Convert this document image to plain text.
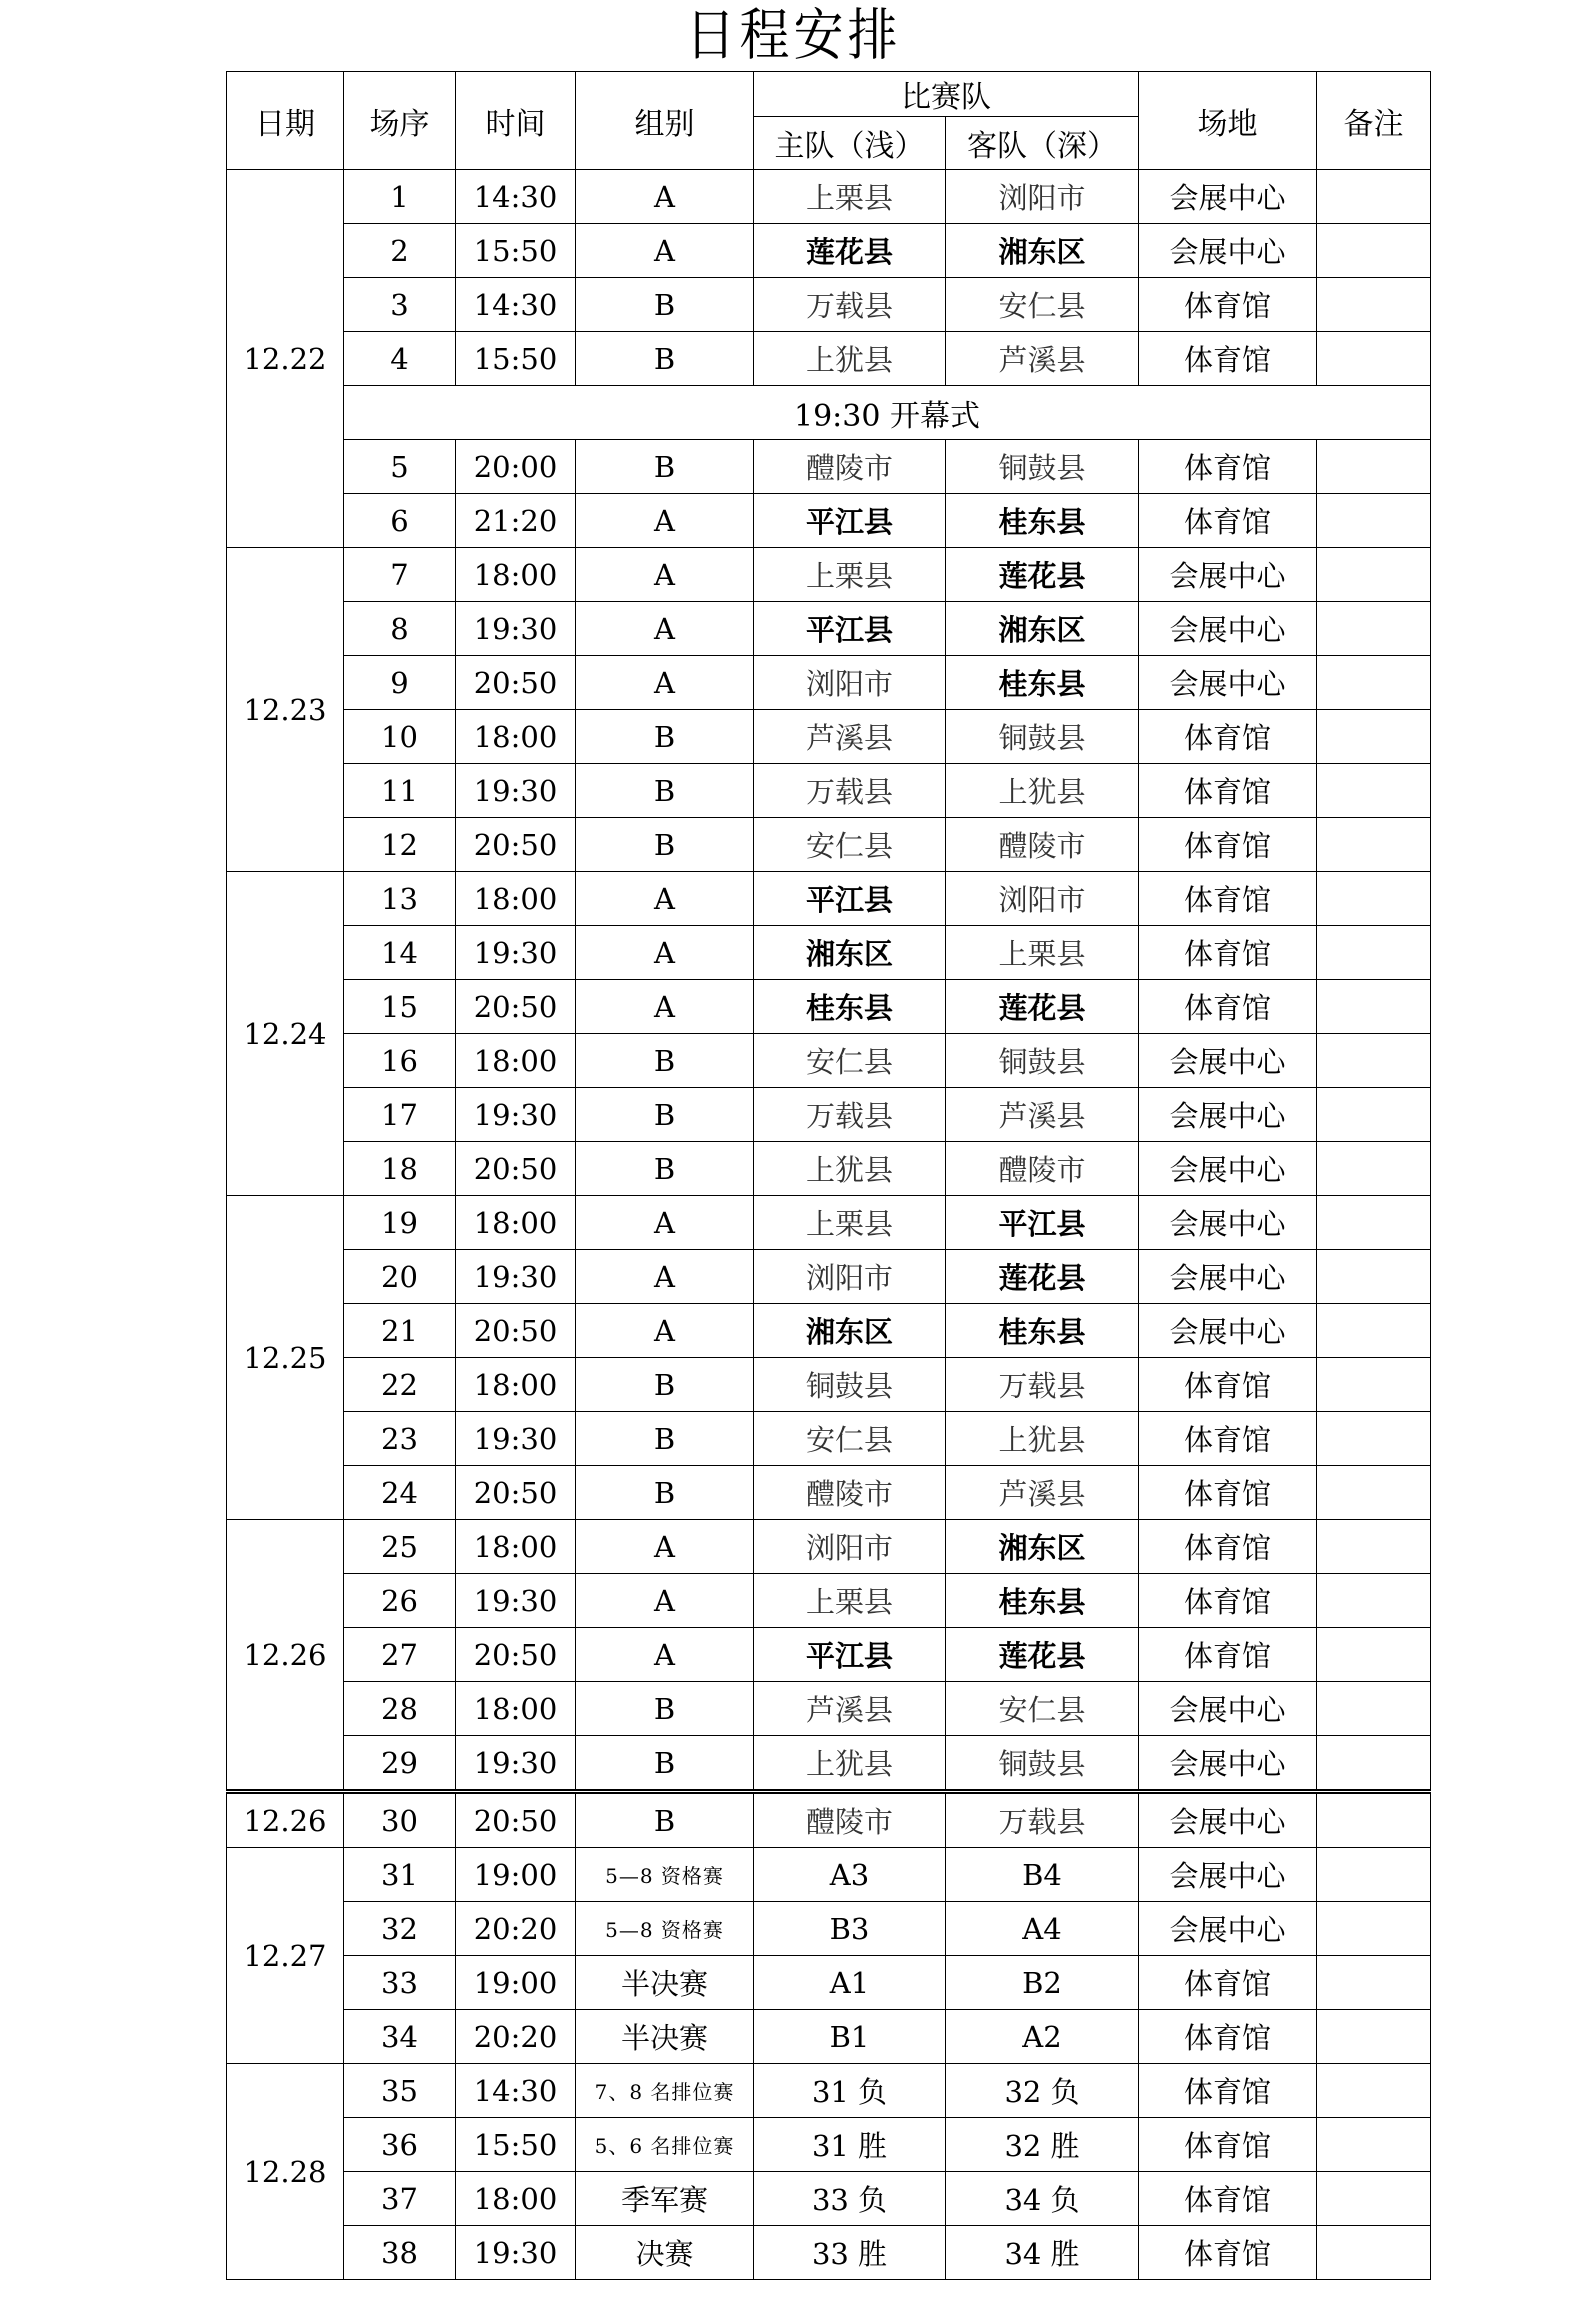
日程安排
日期	场序	时间	组别	比赛队		场地	备注
				主队（浅）	客队（深）		
12.22	1	14:30	A	上栗县	浏阳市	会展中心	
	2	15:50	A	莲花县	湘东区	会展中心	
	3	14:30	B	万载县	安仁县	体育馆	
	4	15:50	B	上犹县	芦溪县	体育馆	
	19:30 开幕式						
	5	20:00	B	醴陵市	铜鼓县	体育馆	
	6	21:20	A	平江县	桂东县	体育馆	
12.23	7	18:00	A	上栗县	莲花县	会展中心	
	8	19:30	A	平江县	湘东区	会展中心	
	9	20:50	A	浏阳市	桂东县	会展中心	
	10	18:00	B	芦溪县	铜鼓县	体育馆	
	11	19:30	B	万载县	上犹县	体育馆	
	12	20:50	B	安仁县	醴陵市	体育馆	
12.24	13	18:00	A	平江县	浏阳市	体育馆	
	14	19:30	A	湘东区	上栗县	体育馆	
	15	20:50	A	桂东县	莲花县	体育馆	
	16	18:00	B	安仁县	铜鼓县	会展中心	
	17	19:30	B	万载县	芦溪县	会展中心	
	18	20:50	B	上犹县	醴陵市	会展中心	
12.25	19	18:00	A	上栗县	平江县	会展中心	
	20	19:30	A	浏阳市	莲花县	会展中心	
	21	20:50	A	湘东区	桂东县	会展中心	
	22	18:00	B	铜鼓县	万载县	体育馆	
	23	19:30	B	安仁县	上犹县	体育馆	
	24	20:50	B	醴陵市	芦溪县	体育馆	
12.26	25	18:00	A	浏阳市	湘东区	体育馆	
	26	19:30	A	上栗县	桂东县	体育馆	
	27	20:50	A	平江县	莲花县	体育馆	
	28	18:00	B	芦溪县	安仁县	会展中心	
	29	19:30	B	上犹县	铜鼓县	会展中心	
12.26	30	20:50	B	醴陵市	万载县	会展中心	
12.27	31	19:00	5—8 资格赛	A3	B4	会展中心	
	32	20:20	5—8 资格赛	B3	A4	会展中心	
	33	19:00	半决赛	A1	B2	体育馆	
	34	20:20	半决赛	B1	A2	体育馆	
12.28	35	14:30	7、8 名排位赛	31 负	32 负	体育馆	
	36	15:50	5、6 名排位赛	31 胜	32 胜	体育馆	
	37	18:00	季军赛	33 负	34 负	体育馆	
	38	19:30	决赛	33 胜	34 胜	体育馆	
